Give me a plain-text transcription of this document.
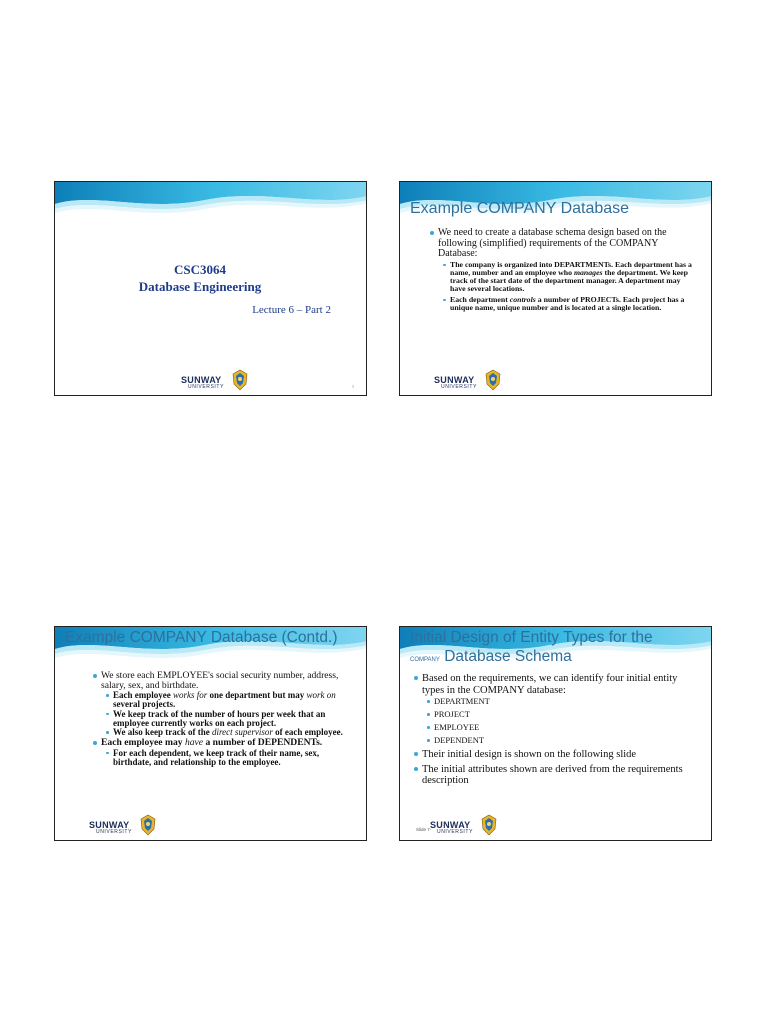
CSC3064
Database Engineering
Lecture 6 – Part 2
SUNWAY
UNIVERSITY	1
Example COMPANY Database
We need to create a database schema design based on the following (simplified) requirements of the COMPANY Database:
The company is organized into DEPARTMENTs. Each department has a name, number and an employee who manages the department. We keep track of the start date of the department manager. A department may have several locations.
Each department controls a number of PROJECTs. Each project has a unique name, unique number and is located at a single location.
SUNWAY
UNIVERSITY
Example COMPANY Database (Contd.)
We store each EMPLOYEE's social security number, address, salary, sex, and birthdate.
Each employee works for one department but may work on several projects.
We keep track of the number of hours per week that an employee currently works on each project.
We also keep track of the direct supervisor of each employee.
Each employee may have a number of DEPENDENTs.
For each dependent, we keep track of their name, sex, birthdate, and relationship to the employee.
SUNWAY
UNIVERSITY
Initial Design of Entity Types for the
COMPANY Database Schema
Based on the requirements, we can identify four initial entity types in the COMPANY database:
DEPARTMENT
PROJECT
EMPLOYEE
DEPENDENT
Their initial design is shown on the following slide
The initial attributes shown are derived from the requirements description
Slide 7-
SUNWAY
UNIVERSITY
